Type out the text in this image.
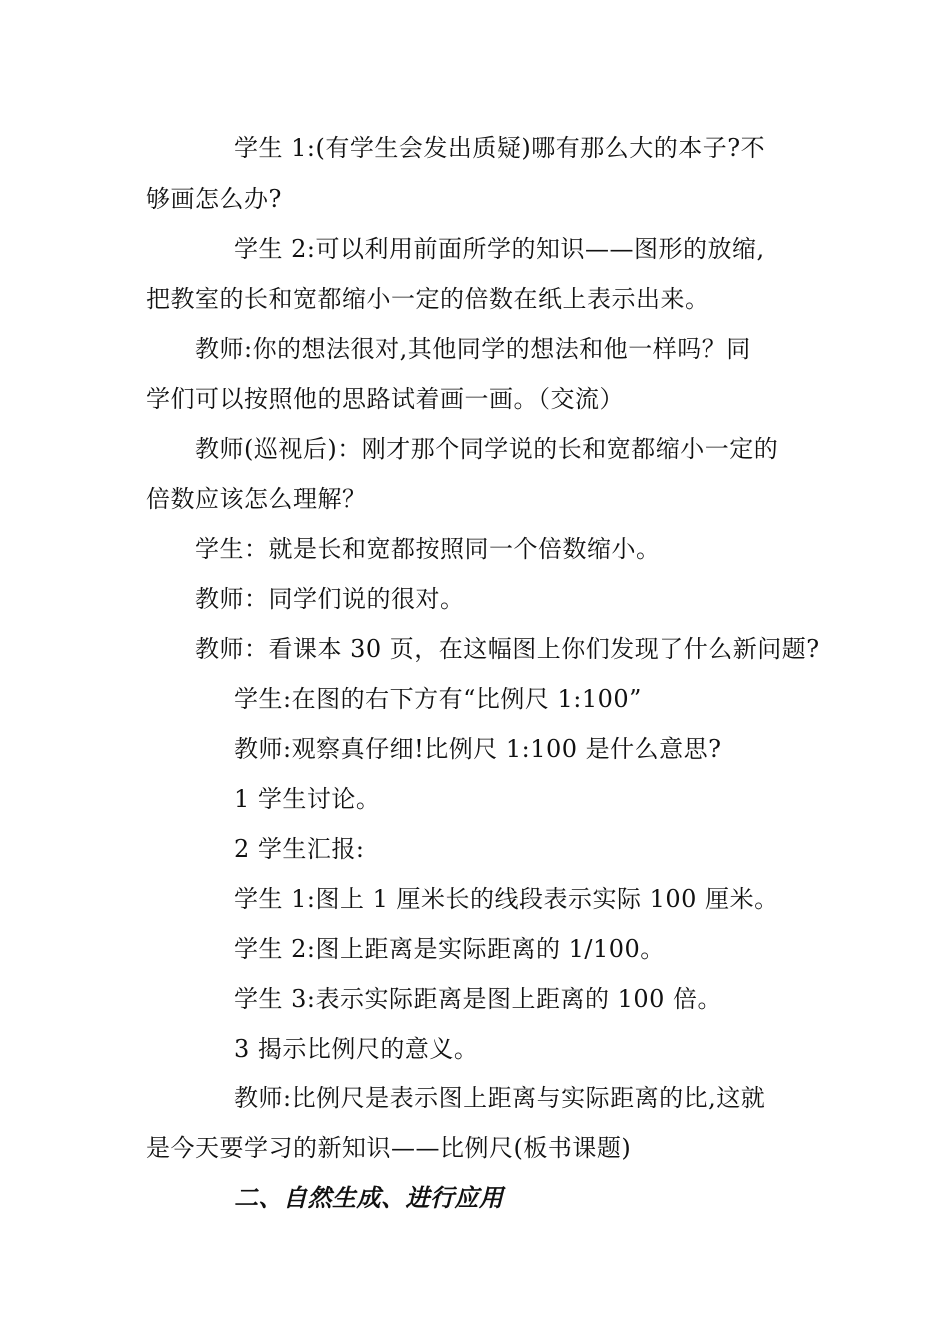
学生 1:(有学生会发出质疑)哪有那么大的本子?不
够画怎么办?
学生 2:可以利用前面所学的知识——图形的放缩,
把教室的长和宽都缩小一定的倍数在纸上表示出来。
教师:你的想法很对,其他同学的想法和他一样吗？同
学们可以按照他的思路试着画一画。（交流）
教师(巡视后)：刚才那个同学说的长和宽都缩小一定的
倍数应该怎么理解？
学生：就是长和宽都按照同一个倍数缩小。
教师：同学们说的很对。
教师：看课本 30 页，在这幅图上你们发现了什么新问题?
学生:在图的右下方有“比例尺 1:100”
教师:观察真仔细!比例尺 1:100 是什么意思?
1 学生讨论。
2 学生汇报:
学生 1:图上 1 厘米长的线段表示实际 100 厘米。
学生 2:图上距离是实际距离的 1/100。
学生 3:表示实际距离是图上距离的 100 倍。
3 揭示比例尺的意义。
教师:比例尺是表示图上距离与实际距离的比,这就
是今天要学习的新知识——比例尺(板书课题)
二、自然生成、进行应用
